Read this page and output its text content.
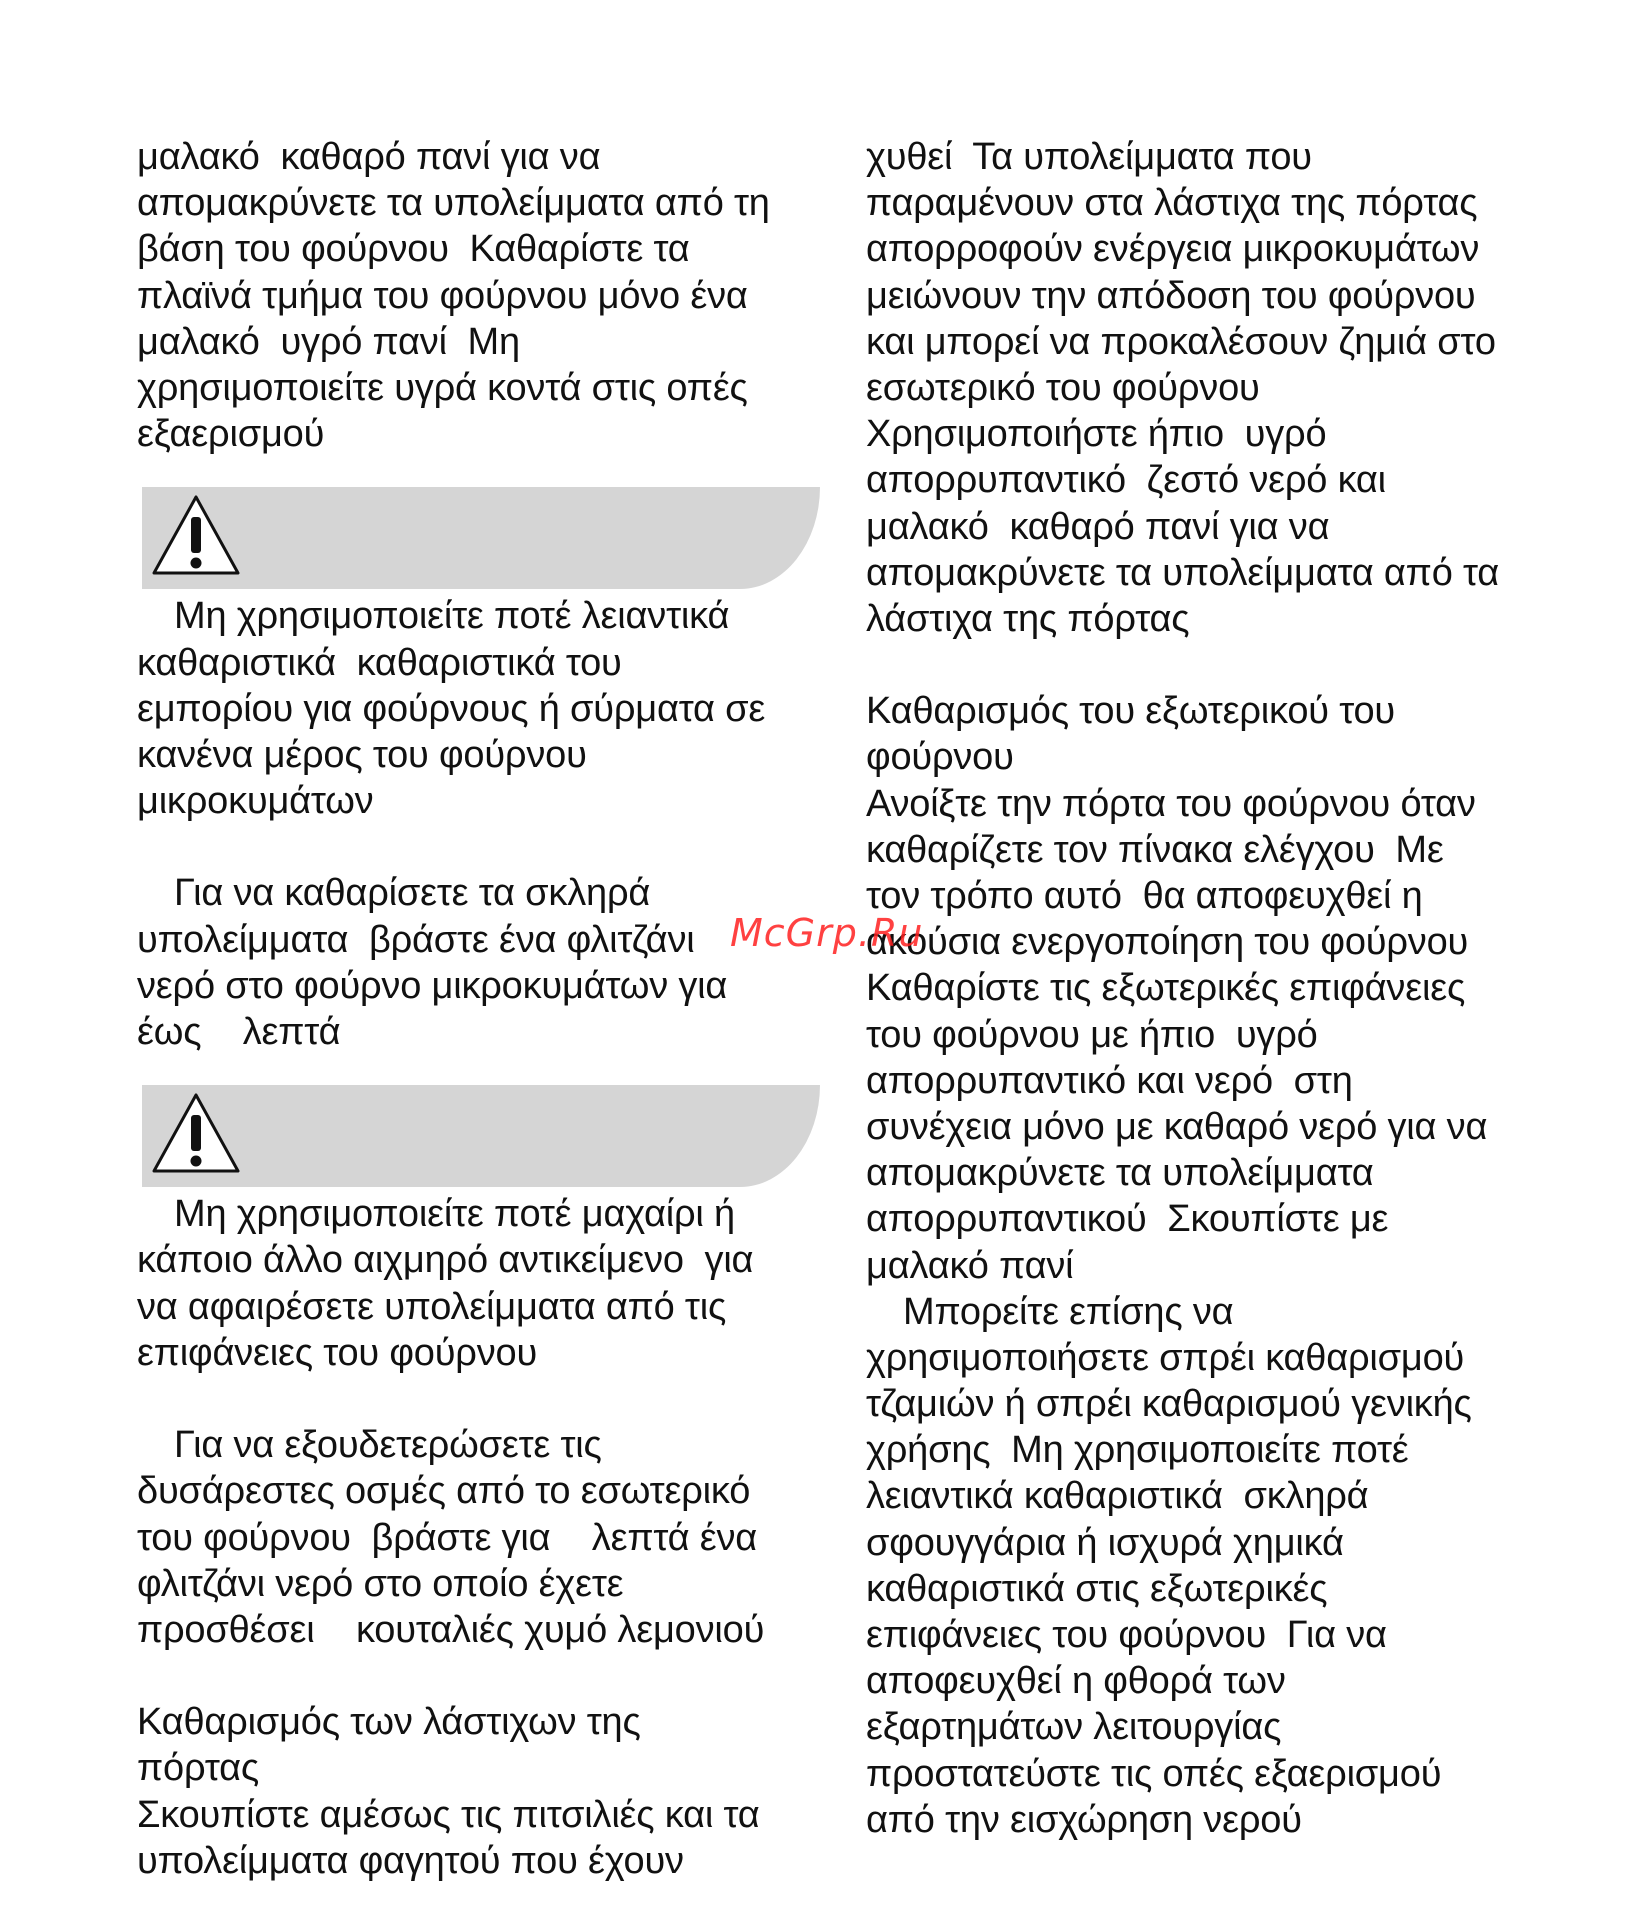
μαλακό  καθαρό πανί για να
απομακρύνετε τα υπολείμματα από τη
βάση του φούρνου  Καθαρίστε τα
πλαϊνά τμήμα του φούρνου μόνο ένα
μαλακό  υγρό πανί  Μη
χρησιμοποιείτε υγρά κοντά στις οπές
εξαερισμού
Μη χρησιμοποιείτε ποτέ λειαντικά
καθαριστικά  καθαριστικά του
εμπορίου για φούρνους ή σύρματα σε
κανένα μέρος του φούρνου
μικροκυμάτων
Για να καθαρίσετε τα σκληρά
υπολείμματα  βράστε ένα φλιτζάνι
νερό στο φούρνο μικροκυμάτων για
έως    λεπτά
Μη χρησιμοποιείτε ποτέ μαχαίρι ή
κάποιο άλλο αιχμηρό αντικείμενο  για
να αφαιρέσετε υπολείμματα από τις
επιφάνειες του φούρνου
Για να εξουδετερώσετε τις
δυσάρεστες οσμές από το εσωτερικό
του φούρνου  βράστε για    λεπτά ένα
φλιτζάνι νερό στο οποίο έχετε
προσθέσει    κουταλιές χυμό λεμονιού
Καθαρισμός των λάστιχων της
πόρτας
Σκουπίστε αμέσως τις πιτσιλιές και τα
υπολείμματα φαγητού που έχουν
χυθεί  Τα υπολείμματα που
παραμένουν στα λάστιχα της πόρτας
απορροφούν ενέργεια μικροκυμάτων
μειώνουν την απόδοση του φούρνου
και μπορεί να προκαλέσουν ζημιά στο
εσωτερικό του φούρνου
Χρησιμοποιήστε ήπιο  υγρό
απορρυπαντικό  ζεστό νερό και
μαλακό  καθαρό πανί για να
απομακρύνετε τα υπολείμματα από τα
λάστιχα της πόρτας
Καθαρισμός του εξωτερικού του
φούρνου
Ανοίξτε την πόρτα του φούρνου όταν
καθαρίζετε τον πίνακα ελέγχου  Με
τον τρόπο αυτό  θα αποφευχθεί η
ακούσια ενεργοποίηση του φούρνου
Καθαρίστε τις εξωτερικές επιφάνειες
του φούρνου με ήπιο  υγρό
απορρυπαντικό και νερό  στη
συνέχεια μόνο με καθαρό νερό για να
απομακρύνετε τα υπολείμματα
απορρυπαντικού  Σκουπίστε με
μαλακό πανί
Μπορείτε επίσης να
χρησιμοποιήσετε σπρέι καθαρισμού
τζαμιών ή σπρέι καθαρισμού γενικής
χρήσης  Μη χρησιμοποιείτε ποτέ
λειαντικά καθαριστικά  σκληρά
σφουγγάρια ή ισχυρά χημικά
καθαριστικά στις εξωτερικές
επιφάνειες του φούρνου  Για να
αποφευχθεί η φθορά των
εξαρτημάτων λειτουργίας
προστατεύστε τις οπές εξαερισμού
από την εισχώρηση νερού
McGrp.Ru
